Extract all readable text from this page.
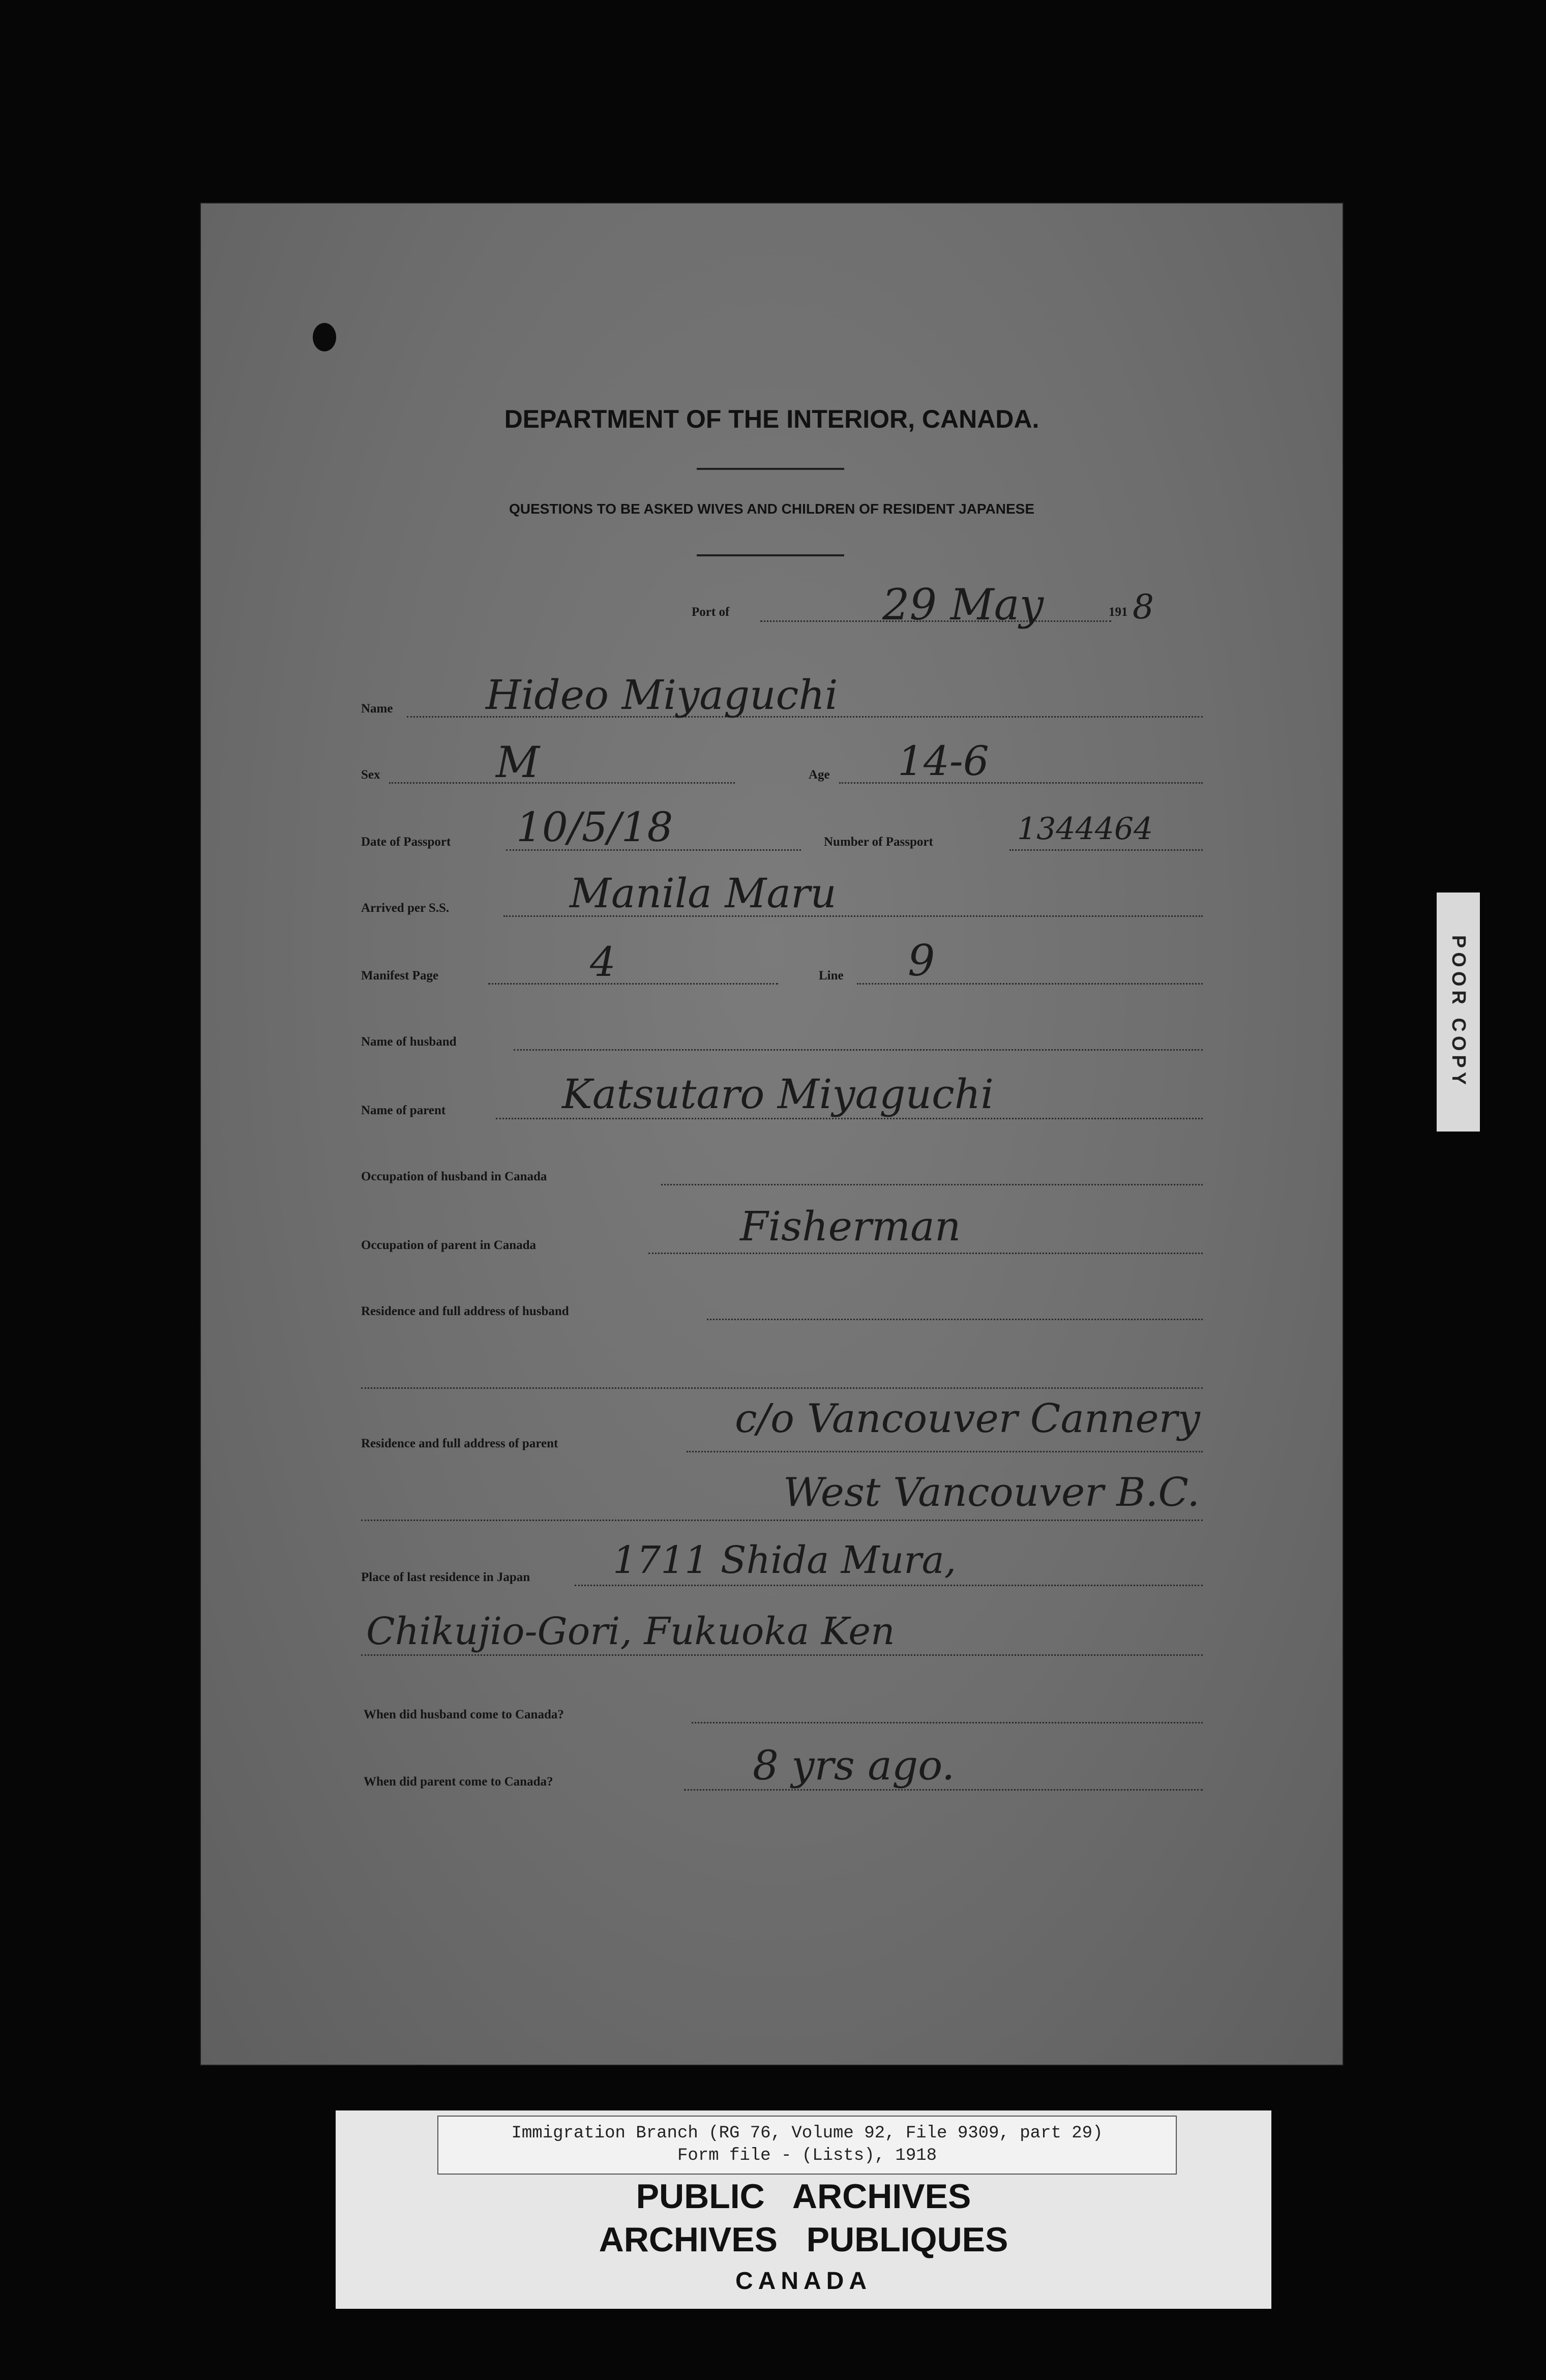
DEPARTMENT OF THE INTERIOR, CANADA.
QUESTIONS TO BE ASKED WIVES AND CHILDREN OF RESIDENT JAPANESE
Port of	29 May	191 8
Name Hideo Miyaguchi
Sex	M	Age 14-6
Date of Passport 10/5/18	Number of Passport	1344464
Arrived per S.S.	Manila Maru
Manifest Page	4	Line 9
Name of husband
Name of parent	Katsutaro Miyaguchi
Occupation of husband in Canada
Occupation of parent in Canada	Fisherman
Residence and full address of husband
Residence and full address of parent
c/o Vancouver Cannery
West Vancouver B.C.
Place of last residence in Japan 1711 Shida Mura,
Chikujio-Gori, Fukuoka Ken
When did husband come to Canada?
When did parent come to Canada?	8 yrs ago.
POOR COPY
Immigration Branch (RG 76, Volume 92, File 9309, part 29)
Form file - (Lists), 1918
PUBLIC   ARCHIVES
ARCHIVES   PUBLIQUES
CANADA
